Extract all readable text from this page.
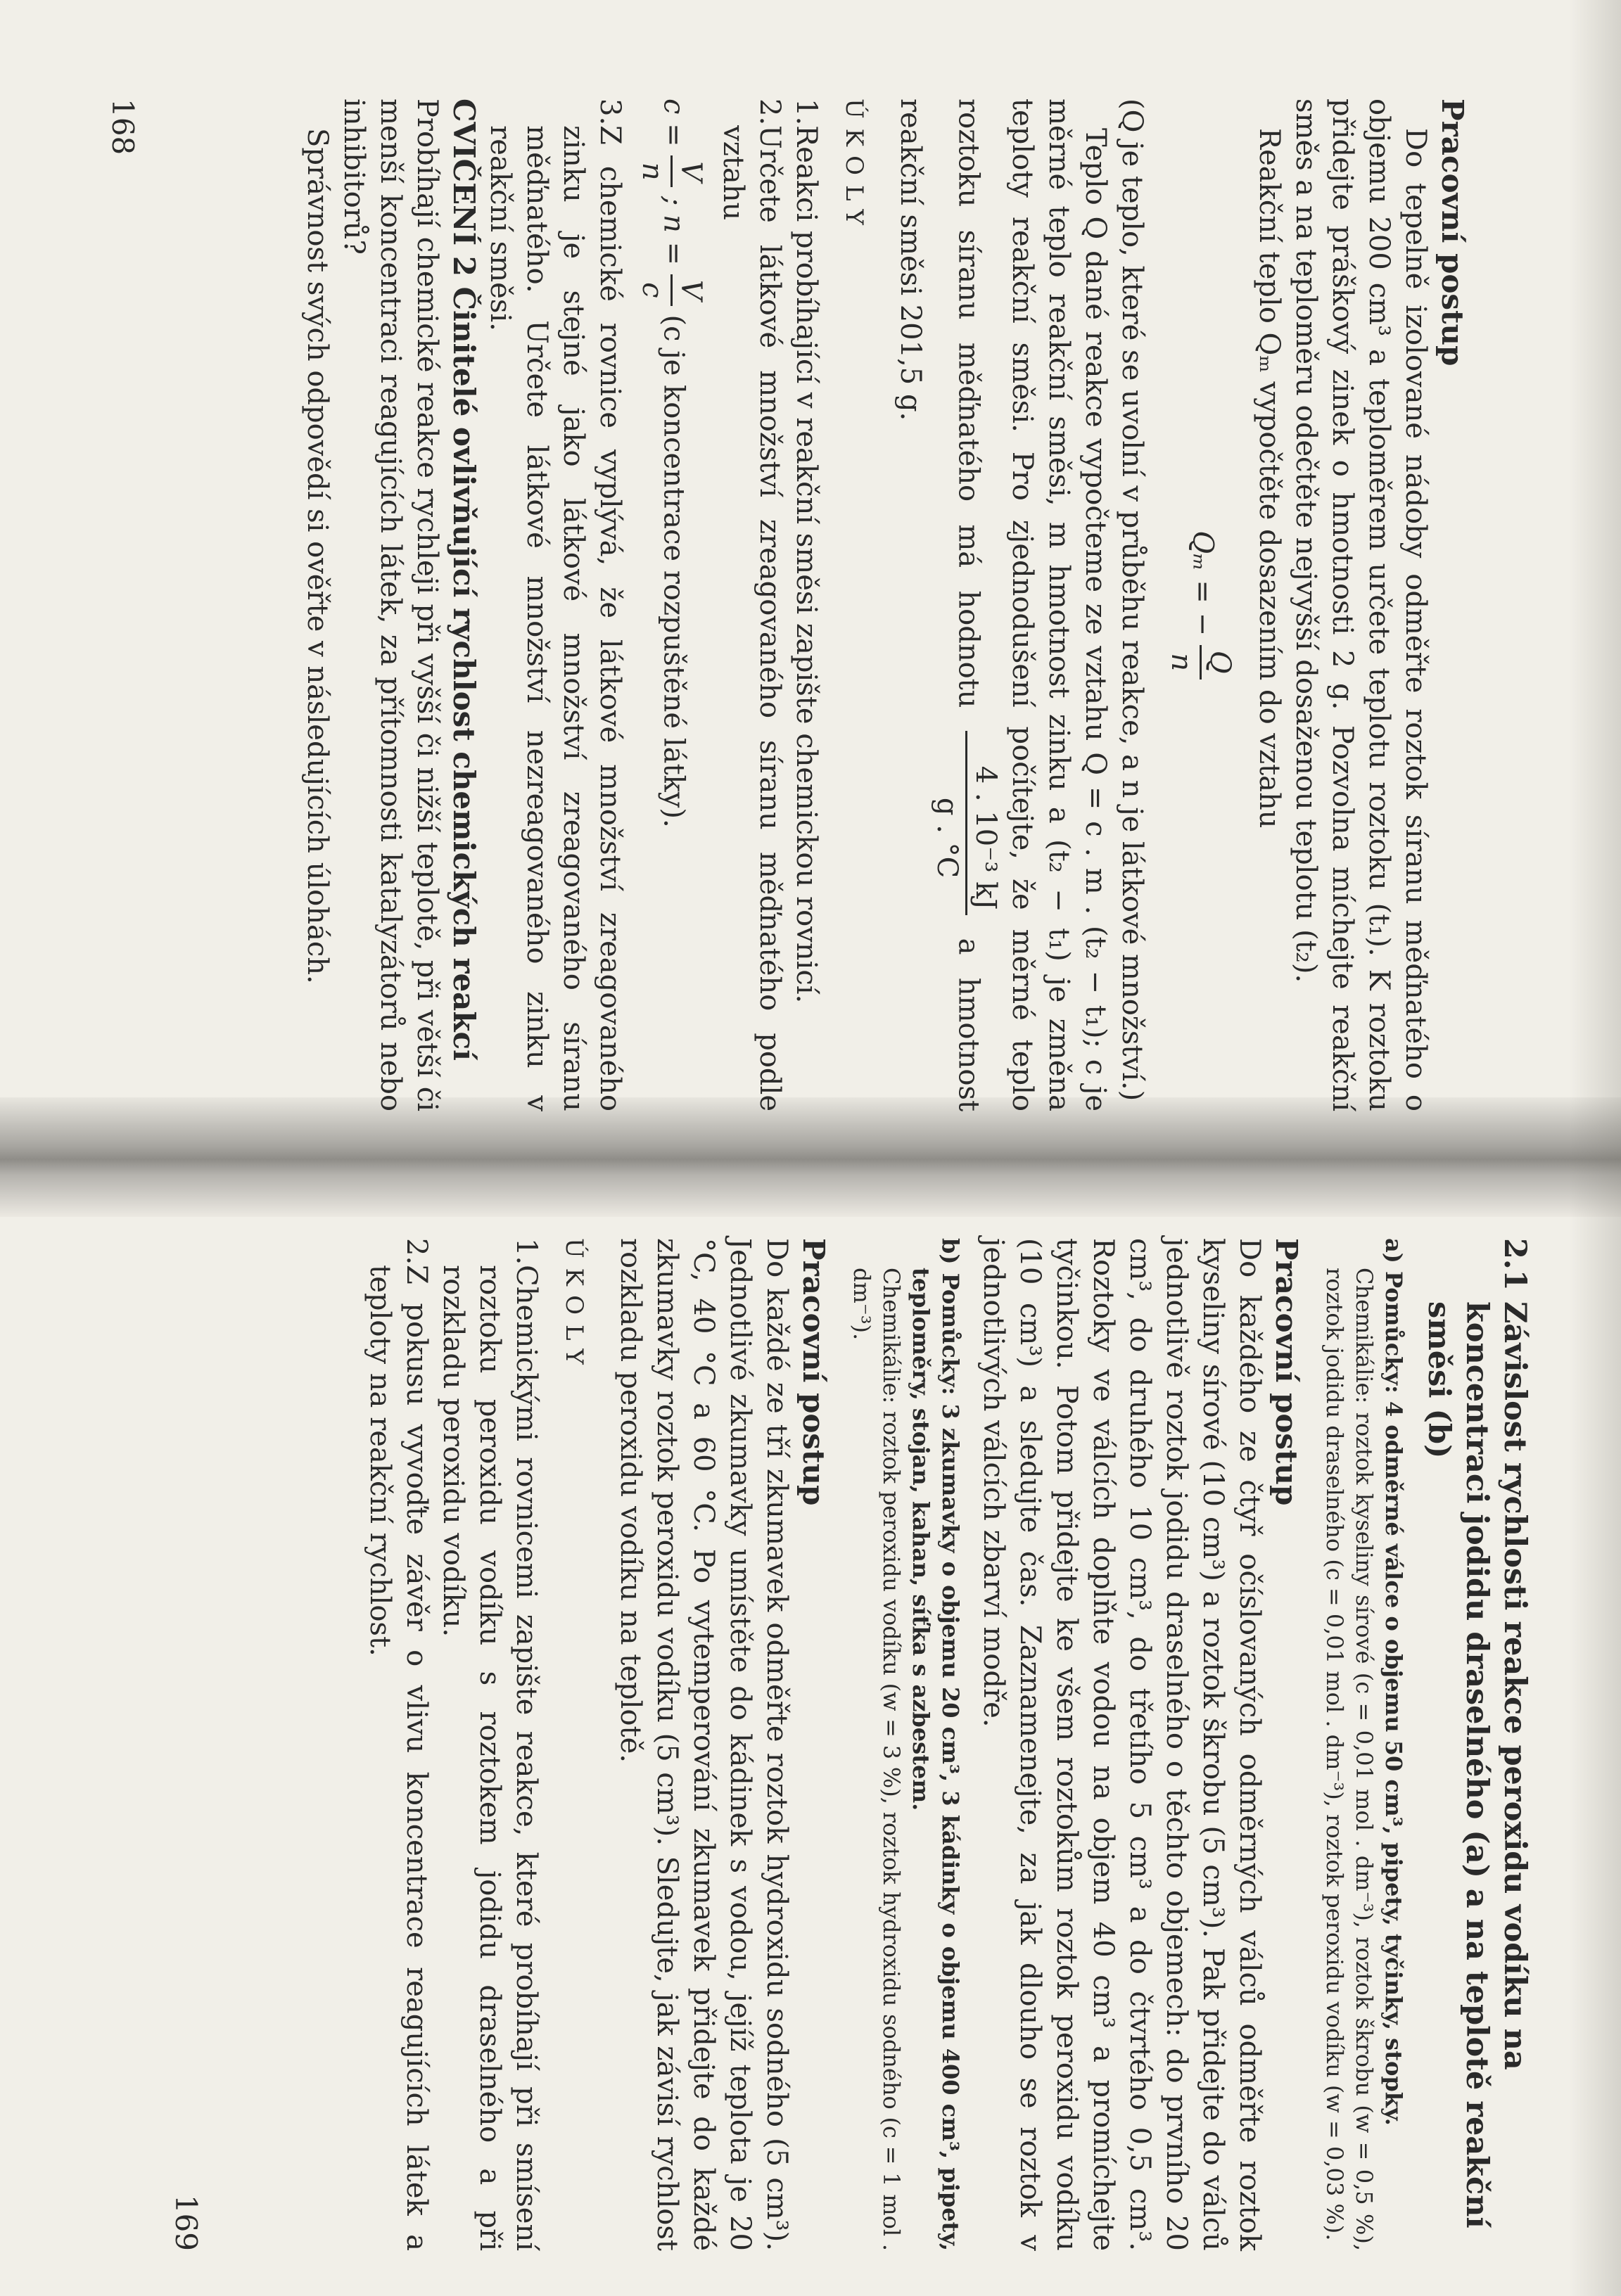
Pracovní postup

Do tepelně izolované nádoby odměřte roztok síranu měďnatého o objemu 200 cm³ a teploměrem určete teplotu roztoku (t₁). K roztoku přidejte práškový zinek o hmotnosti 2 g. Pozvolna míchejte reakční směs a na teploměru odečtěte nejvyšší dosaženou teplotu (t₂).

Reakční teplo Qₘ vypočtěte dosazením do vztahu

Qₘ = −
Q
n

(Q je teplo, které se uvolní v průběhu reakce, a n je látkové množství.)

Teplo Q dané reakce vypočteme ze vztahu Q = c . m . (t₂ − t₁); c je měrné teplo reakční směsi, m hmotnost zinku a (t₂ − t₁) je změna teploty reakční směsi. Pro zjednodušení počítejte, že měrné teplo roztoku síranu měďnatého má hodnotu
4 . 10⁻³ kJ
g . °C
a hmotnost reakční směsi 201,5 g.

ÚKOLY
1.
Reakci probíhající v reakční směsi zapište chemickou rovnicí.
2.
Určete látkové množství zreagovaného síranu měďnatého podle vztahu
c =
V
n
; n =
V
c
(c je koncentrace rozpuštěné látky).
3.
Z chemické rovnice vyplývá, že látkové množství zreagovaného zinku je stejné jako látkové množství zreagovaného síranu měďnatého. Určete látkové množství nezreagovaného zinku v reakční směsi.

CVIČENÍ 2 Činitelé ovlivňující rychlost chemických reakcí

Probíhají chemické reakce rychleji při vyšší či nižší teplotě, při větší či menší koncentraci reagujících látek, za přítomnosti katalyzátorů nebo inhibitorů?

Správnost svých odpovědí si ověřte v následujících úlohách.

168
2.1
Závislost rychlosti reakce peroxidu vodíku na koncentraci jodidu draselného (a) a na teplotě reakční směsi (b)

a) Pomůcky: 4 odměrné válce o objemu 50 cm³, pipety, tyčinky, stopky.

Chemikálie: roztok kyseliny sírové (c = 0,01 mol . dm⁻³), roztok škrobu (w = 0,5 %), roztok jodidu draselného (c = 0,01 mol . dm⁻³), roztok peroxidu vodíku (w = 0,03 %).

Pracovní postup

Do každého ze čtyř očíslovaných odměrných válců odměřte roztok kyseliny sírové (10 cm³) a roztok škrobu (5 cm³). Pak přidejte do válců jednotlivě roztok jodidu draselného o těchto objemech: do prvního 20 cm³, do druhého 10 cm³, do třetího 5 cm³ a do čtvrtého 0,5 cm³. Roztoky ve válcích doplňte vodou na objem 40 cm³ a promíchejte tyčinkou. Potom přidejte ke všem roztokům roztok peroxidu vodíku (10 cm³) a sledujte čas. Zaznamenejte, za jak dlouho se roztok v jednotlivých válcích zbarví modře.

b) Pomůcky: 3 zkumavky o objemu 20 cm³, 3 kádinky o objemu 400 cm³, pipety, teploměry, stojan, kahan, síťka s azbestem.

Chemikálie: roztok peroxidu vodíku (w = 3 %), roztok hydroxidu sodného (c = 1 mol . dm⁻³).

Pracovní postup

Do každé ze tří zkumavek odměřte roztok hydroxidu sodného (5 cm³). Jednotlivé zkumavky umístěte do kádinek s vodou, jejíž teplota je 20 °C, 40 °C a 60 °C. Po vytemperování zkumavek přidejte do každé zkumavky roztok peroxidu vodíku (5 cm³). Sledujte, jak závisí rychlost rozkladu peroxidu vodíku na teplotě.

ÚKOLY
1.
Chemickými rovnicemi zapište reakce, které probíhají při smísení roztoku peroxidu vodíku s roztokem jodidu draselného a při rozkladu peroxidu vodíku.
2.
Z pokusu vyvoďte závěr o vlivu koncentrace reagujících látek a teploty na reakční rychlost.
169
